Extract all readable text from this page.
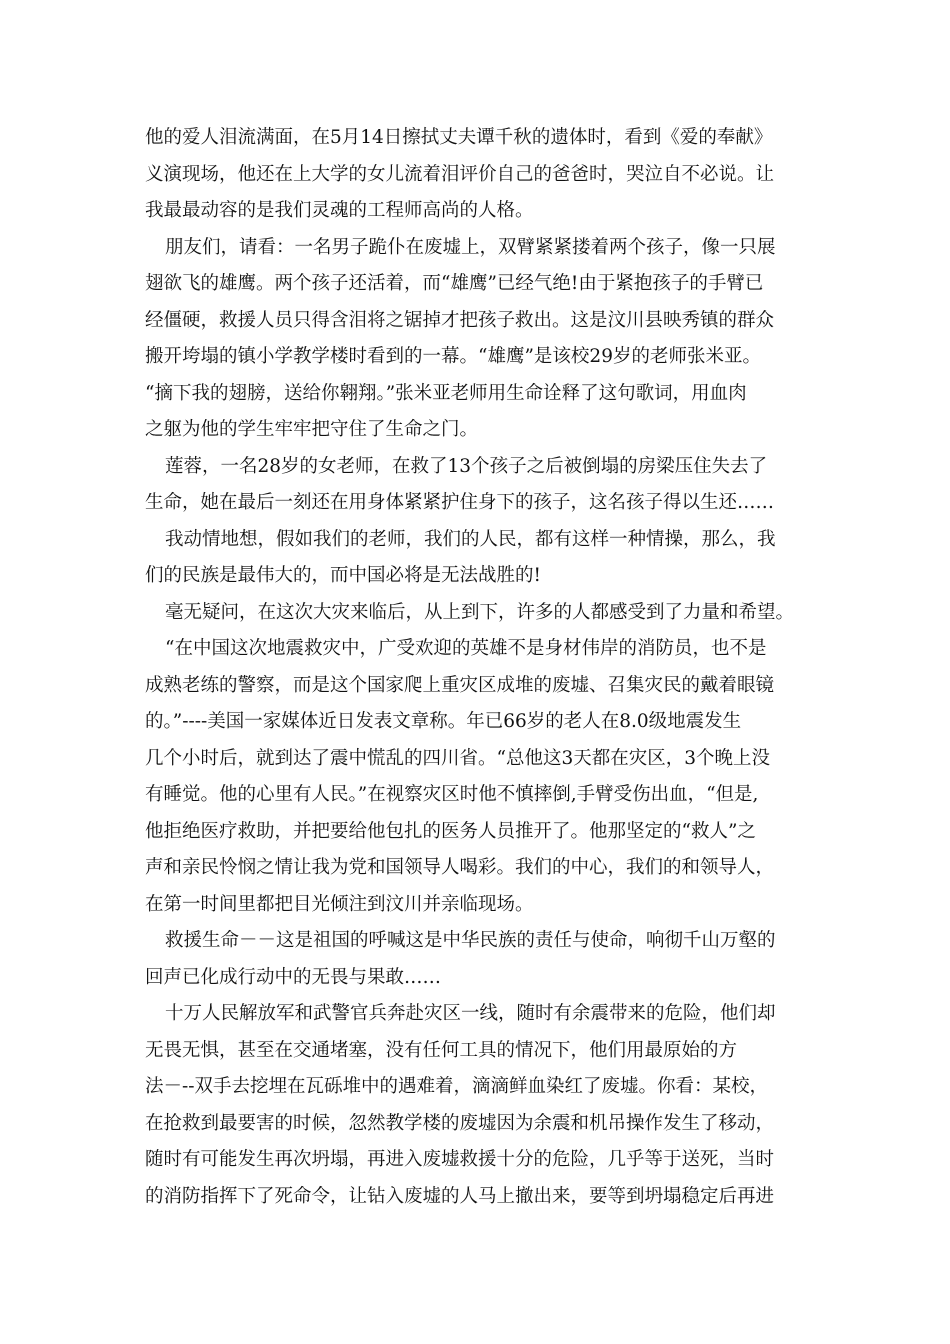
他的爱人泪流满面，在5月14日擦拭丈夫谭千秋的遗体时，看到《爱的奉献》
义演现场，他还在上大学的女儿流着泪评价自己的爸爸时，哭泣自不必说。让
我最最动容的是我们灵魂的工程师高尚的人格。
朋友们，请看：一名男子跪仆在废墟上，双臂紧紧搂着两个孩子，像一只展
翅欲飞的雄鹰。两个孩子还活着，而“雄鹰”已经气绝!由于紧抱孩子的手臂已
经僵硬，救援人员只得含泪将之锯掉才把孩子救出。这是汶川县映秀镇的群众
搬开垮塌的镇小学教学楼时看到的一幕。“雄鹰”是该校29岁的老师张米亚。
“摘下我的翅膀，送给你翱翔。”张米亚老师用生命诠释了这句歌词，用血肉
之躯为他的学生牢牢把守住了生命之门。
莲蓉，一名28岁的女老师，在救了13个孩子之后被倒塌的房梁压住失去了
生命，她在最后一刻还在用身体紧紧护住身下的孩子，这名孩子得以生还……
我动情地想，假如我们的老师，我们的人民，都有这样一种情操，那么，我
们的民族是最伟大的，而中国必将是无法战胜的!
毫无疑问，在这次大灾来临后，从上到下，许多的人都感受到了力量和希望。
“在中国这次地震救灾中，广受欢迎的英雄不是身材伟岸的消防员，也不是
成熟老练的警察，而是这个国家爬上重灾区成堆的废墟、召集灾民的戴着眼镜
的。”----美国一家媒体近日发表文章称。年已66岁的老人在8.0级地震发生
几个小时后，就到达了震中慌乱的四川省。“总他这3天都在灾区，3个晚上没
有睡觉。他的心里有人民。”在视察灾区时他不慎摔倒,手臂受伤出血，“但是,
他拒绝医疗救助，并把要给他包扎的医务人员推开了。他那坚定的“救人”之
声和亲民怜悯之情让我为党和国领导人喝彩。我们的中心，我们的和领导人，
在第一时间里都把目光倾注到汶川并亲临现场。
救援生命－－这是祖国的呼喊这是中华民族的责任与使命，响彻千山万壑的
回声已化成行动中的无畏与果敢……
十万人民解放军和武警官兵奔赴灾区一线，随时有余震带来的危险，他们却
无畏无惧，甚至在交通堵塞，没有任何工具的情况下，他们用最原始的方
法－--双手去挖埋在瓦砾堆中的遇难着，滴滴鲜血染红了废墟。你看：某校，
在抢救到最要害的时候，忽然教学楼的废墟因为余震和机吊操作发生了移动，
随时有可能发生再次坍塌，再进入废墟救援十分的危险，几乎等于送死，当时
的消防指挥下了死命令，让钻入废墟的人马上撤出来，要等到坍塌稳定后再进
